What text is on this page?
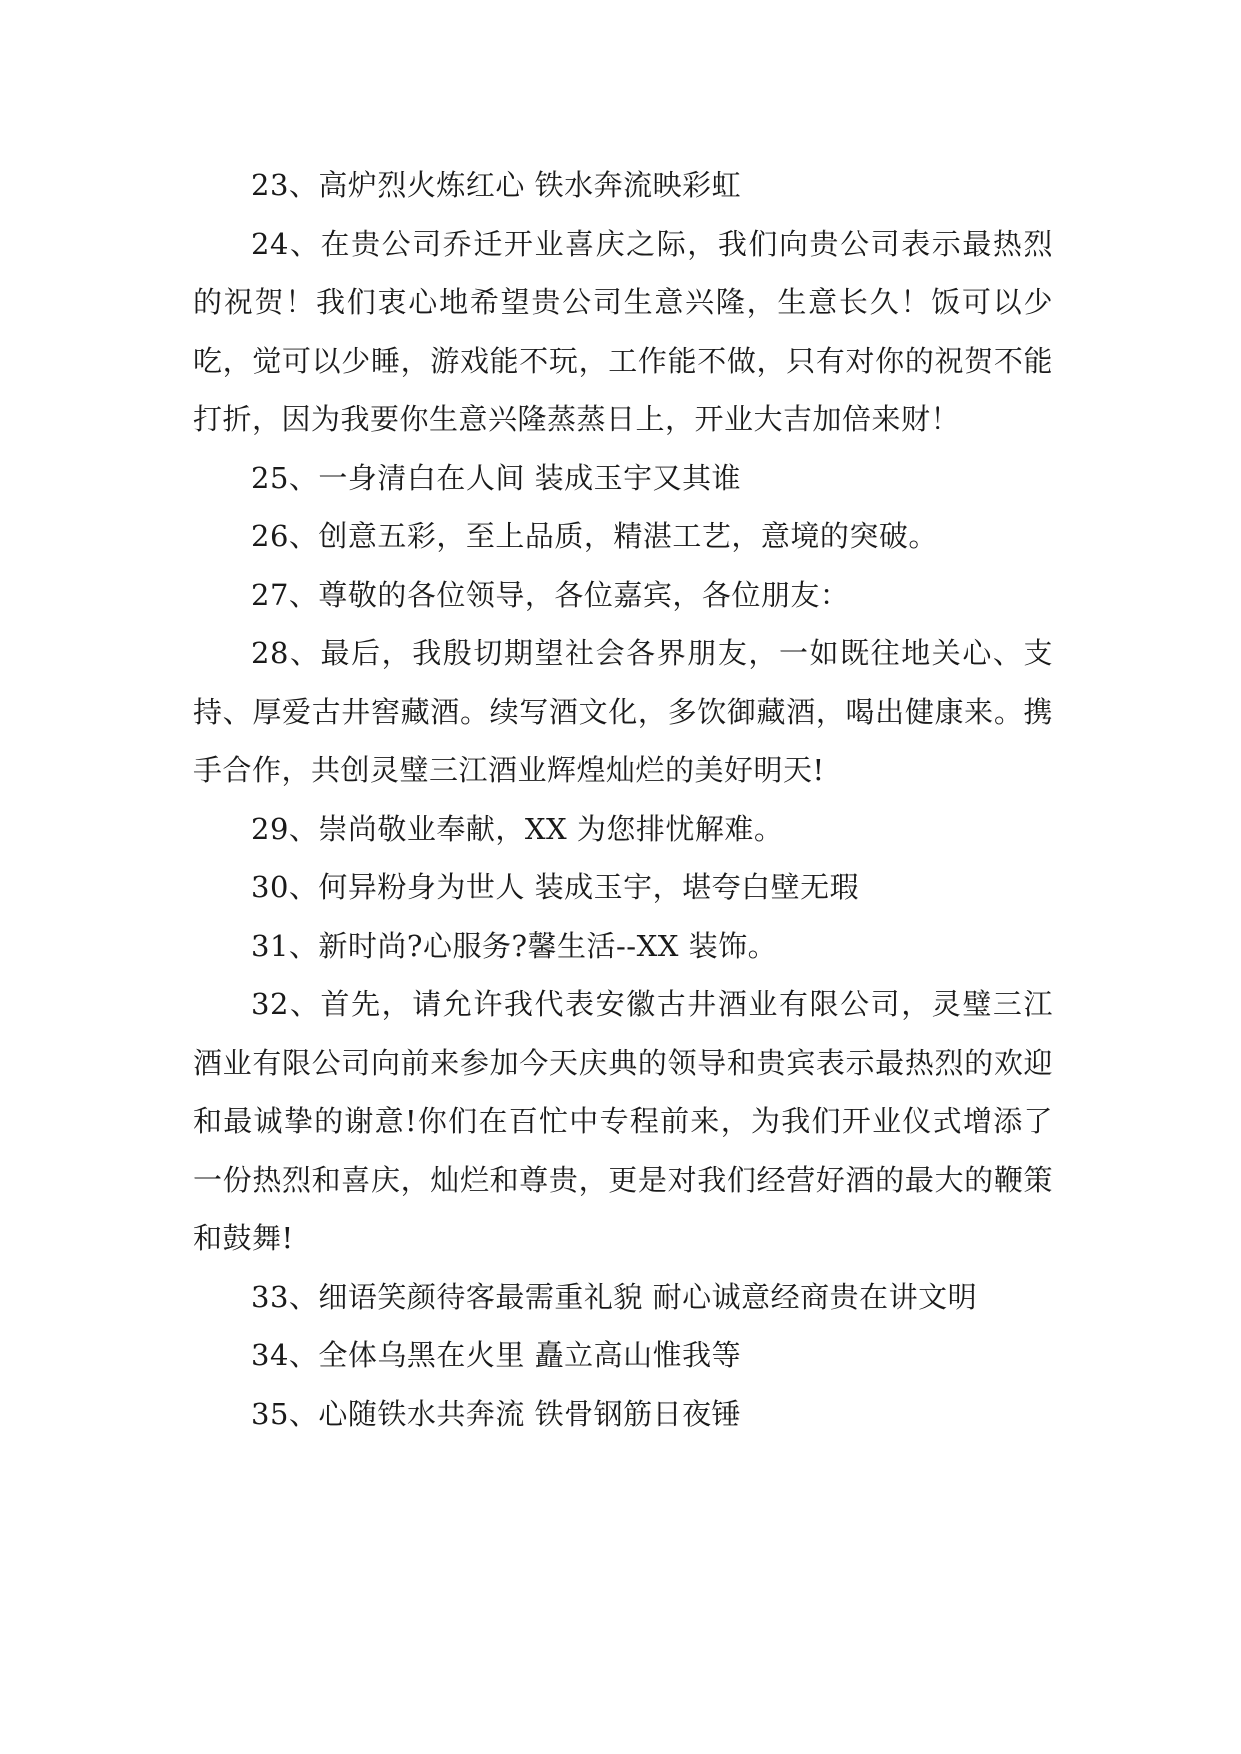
23、高炉烈火炼红心 铁水奔流映彩虹

24、在贵公司乔迁开业喜庆之际，我们向贵公司表示最热烈的祝贺！我们衷心地希望贵公司生意兴隆，生意长久！饭可以少吃，觉可以少睡，游戏能不玩，工作能不做，只有对你的祝贺不能打折，因为我要你生意兴隆蒸蒸日上，开业大吉加倍来财！

25、一身清白在人间 装成玉宇又其谁

26、创意五彩，至上品质，精湛工艺，意境的突破。

27、尊敬的各位领导，各位嘉宾，各位朋友：

28、最后，我殷切期望社会各界朋友，一如既往地关心、支持、厚爱古井窖藏酒。续写酒文化，多饮御藏酒，喝出健康来。携手合作，共创灵璧三江酒业辉煌灿烂的美好明天!

29、崇尚敬业奉献，XX 为您排忧解难。

30、何异粉身为世人 装成玉宇，堪夸白壁无瑕

31、新时尚?心服务?馨生活--XX 装饰。

32、首先，请允许我代表安徽古井酒业有限公司，灵璧三江酒业有限公司向前来参加今天庆典的领导和贵宾表示最热烈的欢迎和最诚挚的谢意!你们在百忙中专程前来，为我们开业仪式增添了一份热烈和喜庆，灿烂和尊贵，更是对我们经营好酒的最大的鞭策和鼓舞!

33、细语笑颜待客最需重礼貌 耐心诚意经商贵在讲文明

34、全体乌黑在火里 矗立高山惟我等

35、心随铁水共奔流 铁骨钢筋日夜锤
